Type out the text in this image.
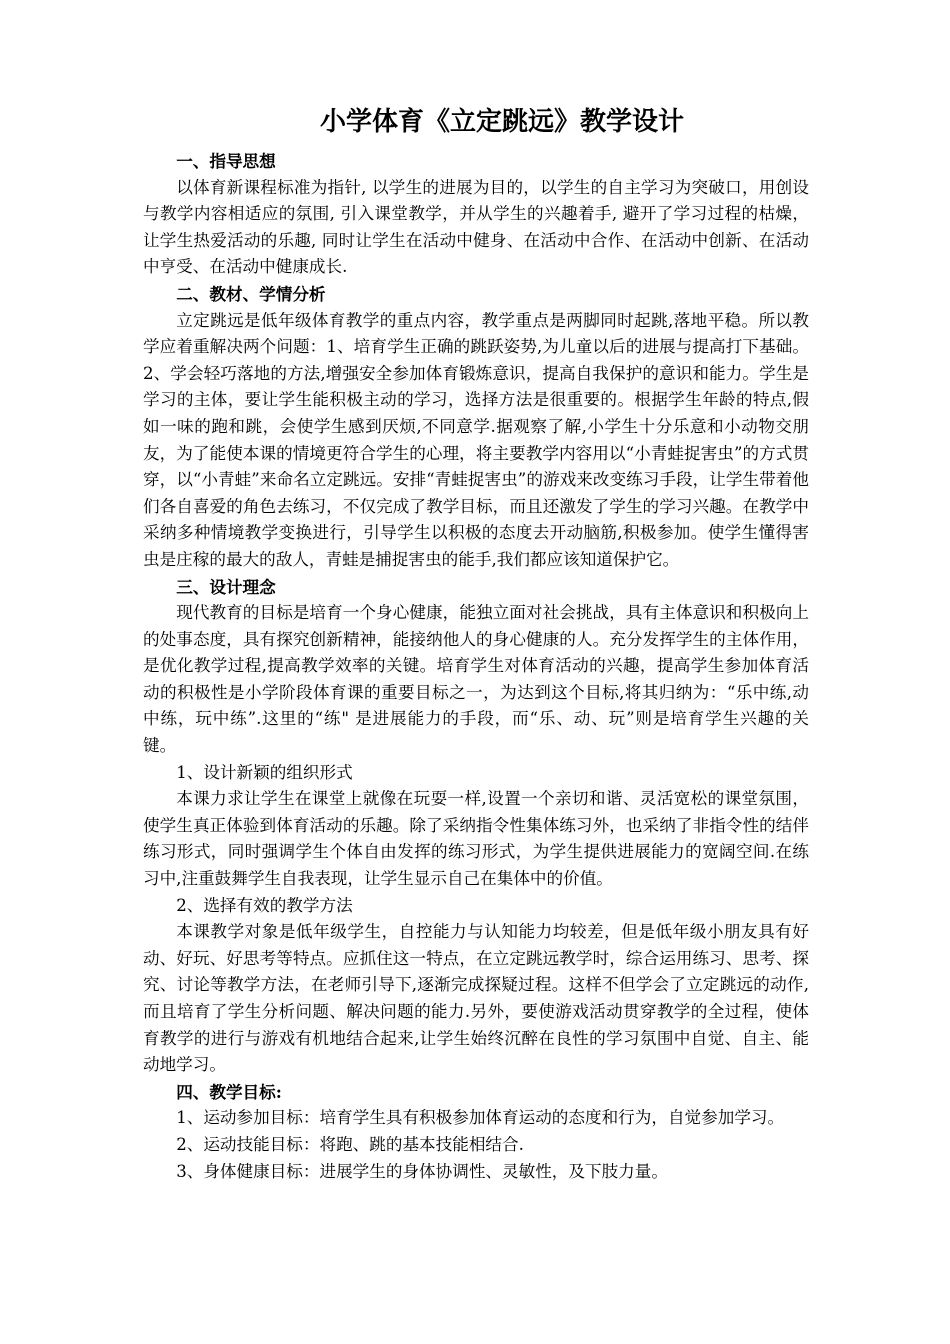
小学体育《立定跳远》教学设计
一、指导思想

以体育新课程标准为指针, 以学生的进展为目的，以学生的自主学习为突破口，用创设与教学内容相适应的氛围, 引入课堂教学，并从学生的兴趣着手, 避开了学习过程的枯燥，让学生热爱活动的乐趣, 同时让学生在活动中健身、在活动中合作、在活动中创新、在活动中亨受、在活动中健康成长.

二、教材、学情分析

立定跳远是低年级体育教学的重点内容，教学重点是两脚同时起跳,落地平稳。所以教学应着重解决两个问题：1、培育学生正确的跳跃姿势,为儿童以后的进展与提高打下基础。2、学会轻巧落地的方法,增强安全参加体育锻炼意识，提高自我保护的意识和能力。学生是学习的主体，要让学生能积极主动的学习，选择方法是很重要的。根据学生年龄的特点,假如一味的跑和跳，会使学生感到厌烦,不同意学.据观察了解,小学生十分乐意和小动物交朋友，为了能使本课的情境更符合学生的心理，将主要教学内容用以“小青蛙捉害虫”的方式贯穿，以“小青蛙”来命名立定跳远。安排“青蛙捉害虫”的游戏来改变练习手段，让学生带着他们各自喜爱的角色去练习，不仅完成了教学目标，而且还激发了学生的学习兴趣。在教学中采纳多种情境教学变换进行，引导学生以积极的态度去开动脑筋,积极参加。使学生懂得害虫是庄稼的最大的敌人，青蛙是捕捉害虫的能手,我们都应该知道保护它。

三、设计理念

现代教育的目标是培育一个身心健康，能独立面对社会挑战，具有主体意识和积极向上的处事态度，具有探究创新精神，能接纳他人的身心健康的人。充分发挥学生的主体作用，是优化教学过程,提高教学效率的关键。培育学生对体育活动的兴趣，提高学生参加体育活动的积极性是小学阶段体育课的重要目标之一，为达到这个目标,将其归纳为：“乐中练,动中练，玩中练”.这里的“练" 是进展能力的手段，而“乐、动、玩”则是培育学生兴趣的关键。

1、设计新颖的组织形式

本课力求让学生在课堂上就像在玩耍一样,设置一个亲切和谐、灵活宽松的课堂氛围，使学生真正体验到体育活动的乐趣。除了采纳指令性集体练习外，也采纳了非指令性的结伴练习形式，同时强调学生个体自由发挥的练习形式，为学生提供进展能力的宽阔空间.在练习中,注重鼓舞学生自我表现，让学生显示自己在集体中的价值。

2、选择有效的教学方法

本课教学对象是低年级学生，自控能力与认知能力均较差，但是低年级小朋友具有好动、好玩、好思考等特点。应抓住这一特点，在立定跳远教学时，综合运用练习、思考、探究、讨论等教学方法，在老师引导下,逐渐完成探疑过程。这样不但学会了立定跳远的动作,而且培育了学生分析问题、解决问题的能力.另外，要使游戏活动贯穿教学的全过程，使体育教学的进行与游戏有机地结合起来,让学生始终沉醉在良性的学习氛围中自觉、自主、能动地学习。

四、教学目标:

1、运动参加目标：培育学生具有积极参加体育运动的态度和行为，自觉参加学习。

2、运动技能目标：将跑、跳的基本技能相结合.

3、身体健康目标：进展学生的身体协调性、灵敏性，及下肢力量。
